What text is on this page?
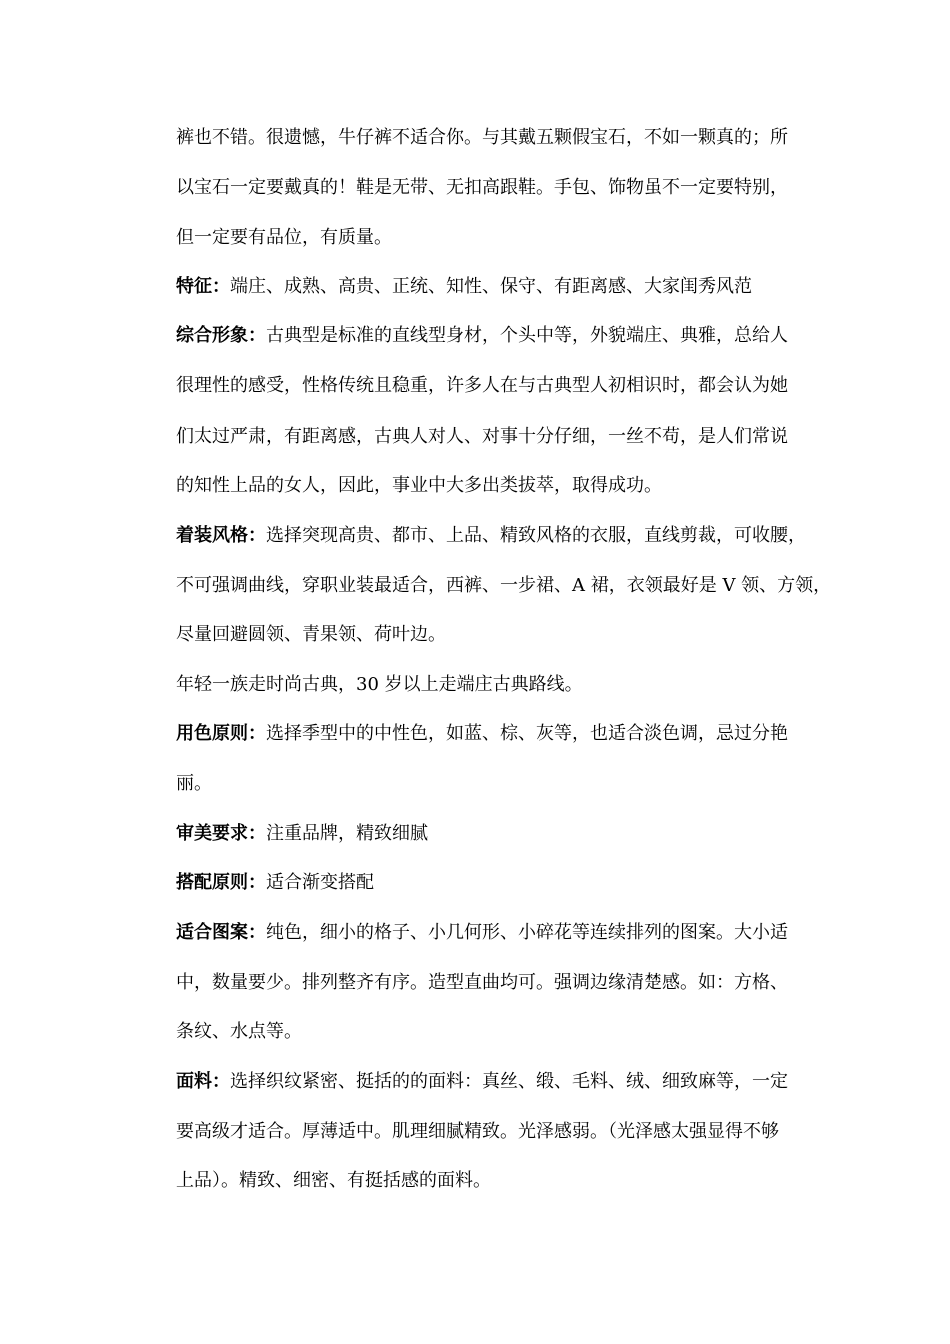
裤也不错。很遗憾，牛仔裤不适合你。与其戴五颗假宝石，不如一颗真的；所
以宝石一定要戴真的！鞋是无带、无扣高跟鞋。手包、饰物虽不一定要特别，
但一定要有品位，有质量。
特征：端庄、成熟、高贵、正统、知性、保守、有距离感、大家闺秀风范
综合形象：古典型是标准的直线型身材，个头中等，外貌端庄、典雅，总给人
很理性的感受，性格传统且稳重，许多人在与古典型人初相识时，都会认为她
们太过严肃，有距离感，古典人对人、对事十分仔细，一丝不苟，是人们常说
的知性上品的女人，因此，事业中大多出类拔萃，取得成功。
着装风格：选择突现高贵、都市、上品、精致风格的衣服，直线剪裁，可收腰，
不可强调曲线，穿职业装最适合，西裤、一步裙、A 裙，衣领最好是 V 领、方领，
尽量回避圆领、青果领、荷叶边。
年轻一族走时尚古典，30 岁以上走端庄古典路线。
用色原则：选择季型中的中性色，如蓝、棕、灰等，也适合淡色调，忌过分艳
丽。
审美要求：注重品牌，精致细腻
搭配原则：适合渐变搭配
适合图案：纯色，细小的格子、小几何形、小碎花等连续排列的图案。大小适
中，数量要少。排列整齐有序。造型直曲均可。强调边缘清楚感。如：方格、
条纹、水点等。
面料：选择织纹紧密、挺括的的面料：真丝、缎、毛料、绒、细致麻等，一定
要高级才适合。厚薄适中。肌理细腻精致。光泽感弱。（光泽感太强显得不够
上品）。精致、细密、有挺括感的面料。
